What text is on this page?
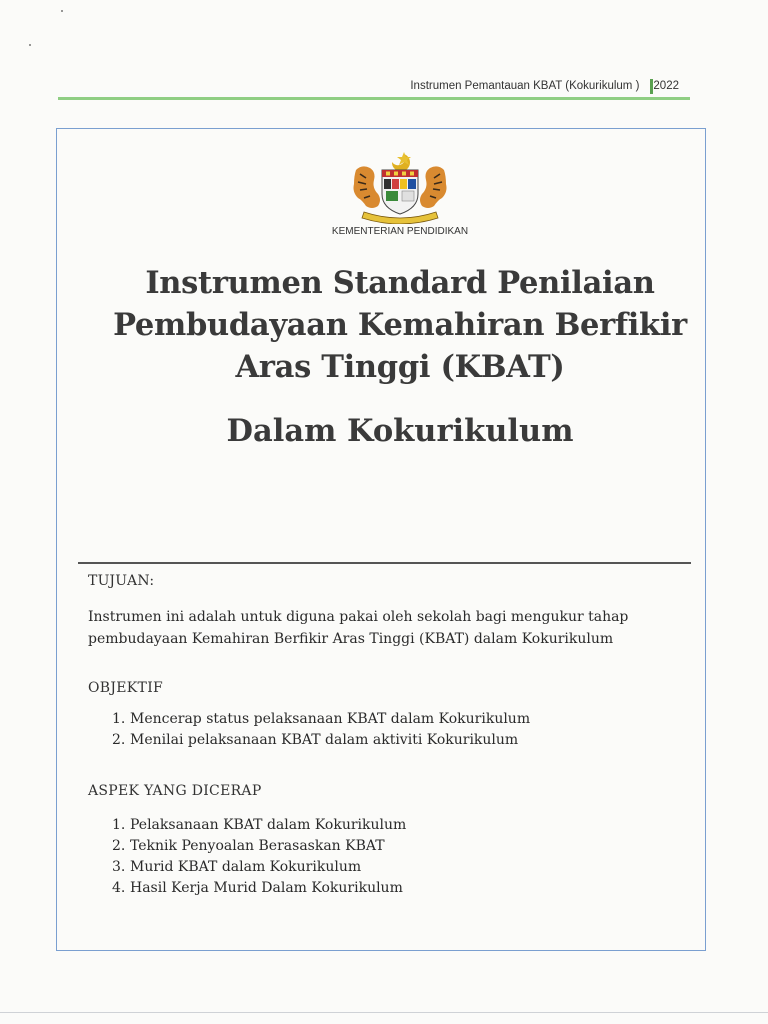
Instrumen Pemantauan KBAT (Kokurikulum ) 2022
KEMENTERIAN PENDIDIKAN
Instrumen Standard Penilaian
Pembudayaan Kemahiran Berfikir
Aras Tinggi (KBAT)
Dalam Kokurikulum
TUJUAN:
Instrumen ini adalah untuk diguna pakai oleh sekolah bagi mengukur tahap
pembudayaan Kemahiran Berfikir Aras Tinggi (KBAT) dalam Kokurikulum
OBJEKTIF
1. Mencerap status pelaksanaan KBAT dalam Kokurikulum
2. Menilai pelaksanaan KBAT dalam aktiviti Kokurikulum
ASPEK YANG DICERAP
1. Pelaksanaan KBAT dalam Kokurikulum
2. Teknik Penyoalan Berasaskan KBAT
3. Murid KBAT dalam Kokurikulum
4. Hasil Kerja Murid Dalam Kokurikulum
